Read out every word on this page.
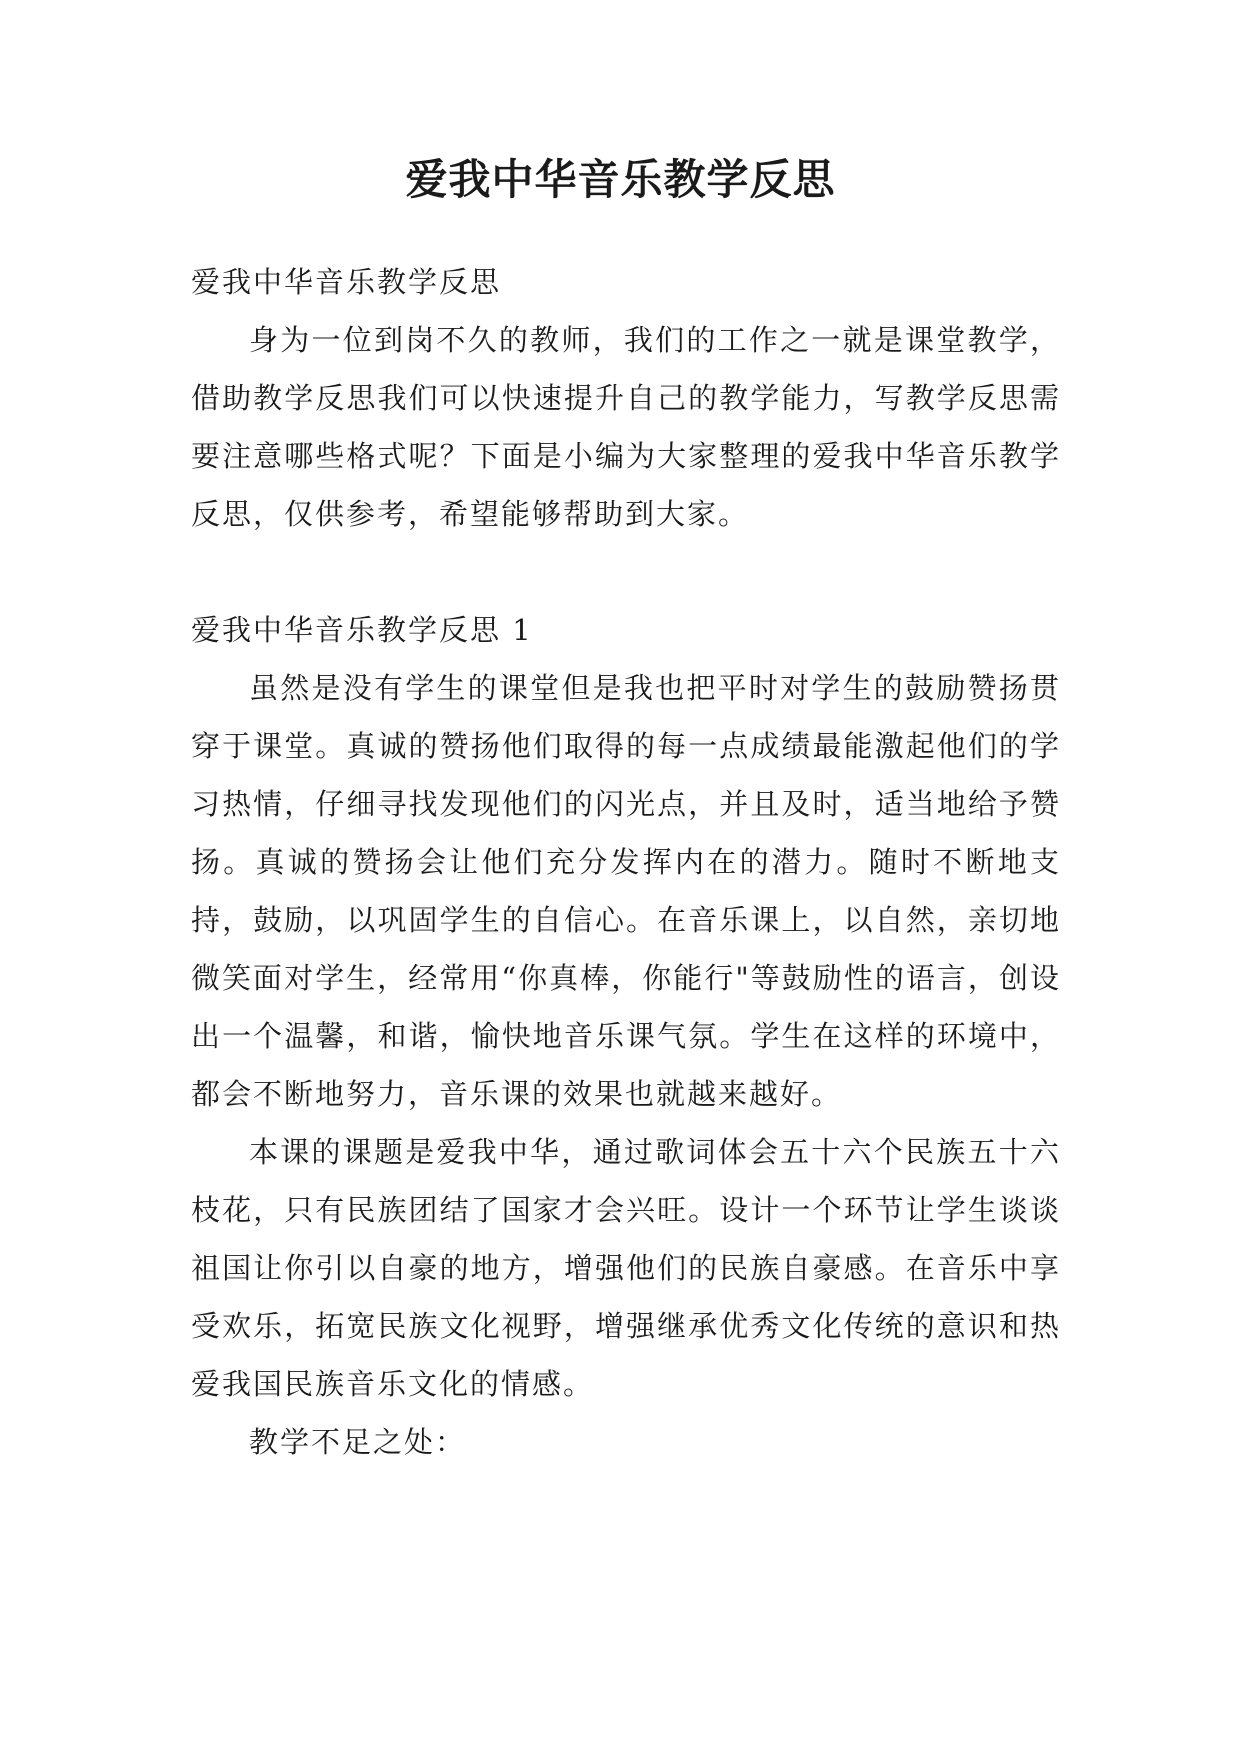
爱我中华音乐教学反思

爱我中华音乐教学反思

身为一位到岗不久的教师，我们的工作之一就是课堂教学，借助教学反思我们可以快速提升自己的教学能力，写教学反思需要注意哪些格式呢？下面是小编为大家整理的爱我中华音乐教学反思，仅供参考，希望能够帮助到大家。

爱我中华音乐教学反思 1

虽然是没有学生的课堂但是我也把平时对学生的鼓励赞扬贯穿于课堂。真诚的赞扬他们取得的每一点成绩最能激起他们的学习热情，仔细寻找发现他们的闪光点，并且及时，适当地给予赞扬。真诚的赞扬会让他们充分发挥内在的潜力。随时不断地支持，鼓励，以巩固学生的自信心。在音乐课上，以自然，亲切地微笑面对学生，经常用“你真棒，你能行"等鼓励性的语言，创设出一个温馨，和谐，愉快地音乐课气氛。学生在这样的环境中，都会不断地努力，音乐课的效果也就越来越好。

本课的课题是爱我中华，通过歌词体会五十六个民族五十六枝花，只有民族团结了国家才会兴旺。设计一个环节让学生谈谈祖国让你引以自豪的地方，增强他们的民族自豪感。在音乐中享受欢乐，拓宽民族文化视野，增强继承优秀文化传统的意识和热爱我国民族音乐文化的情感。

教学不足之处：
